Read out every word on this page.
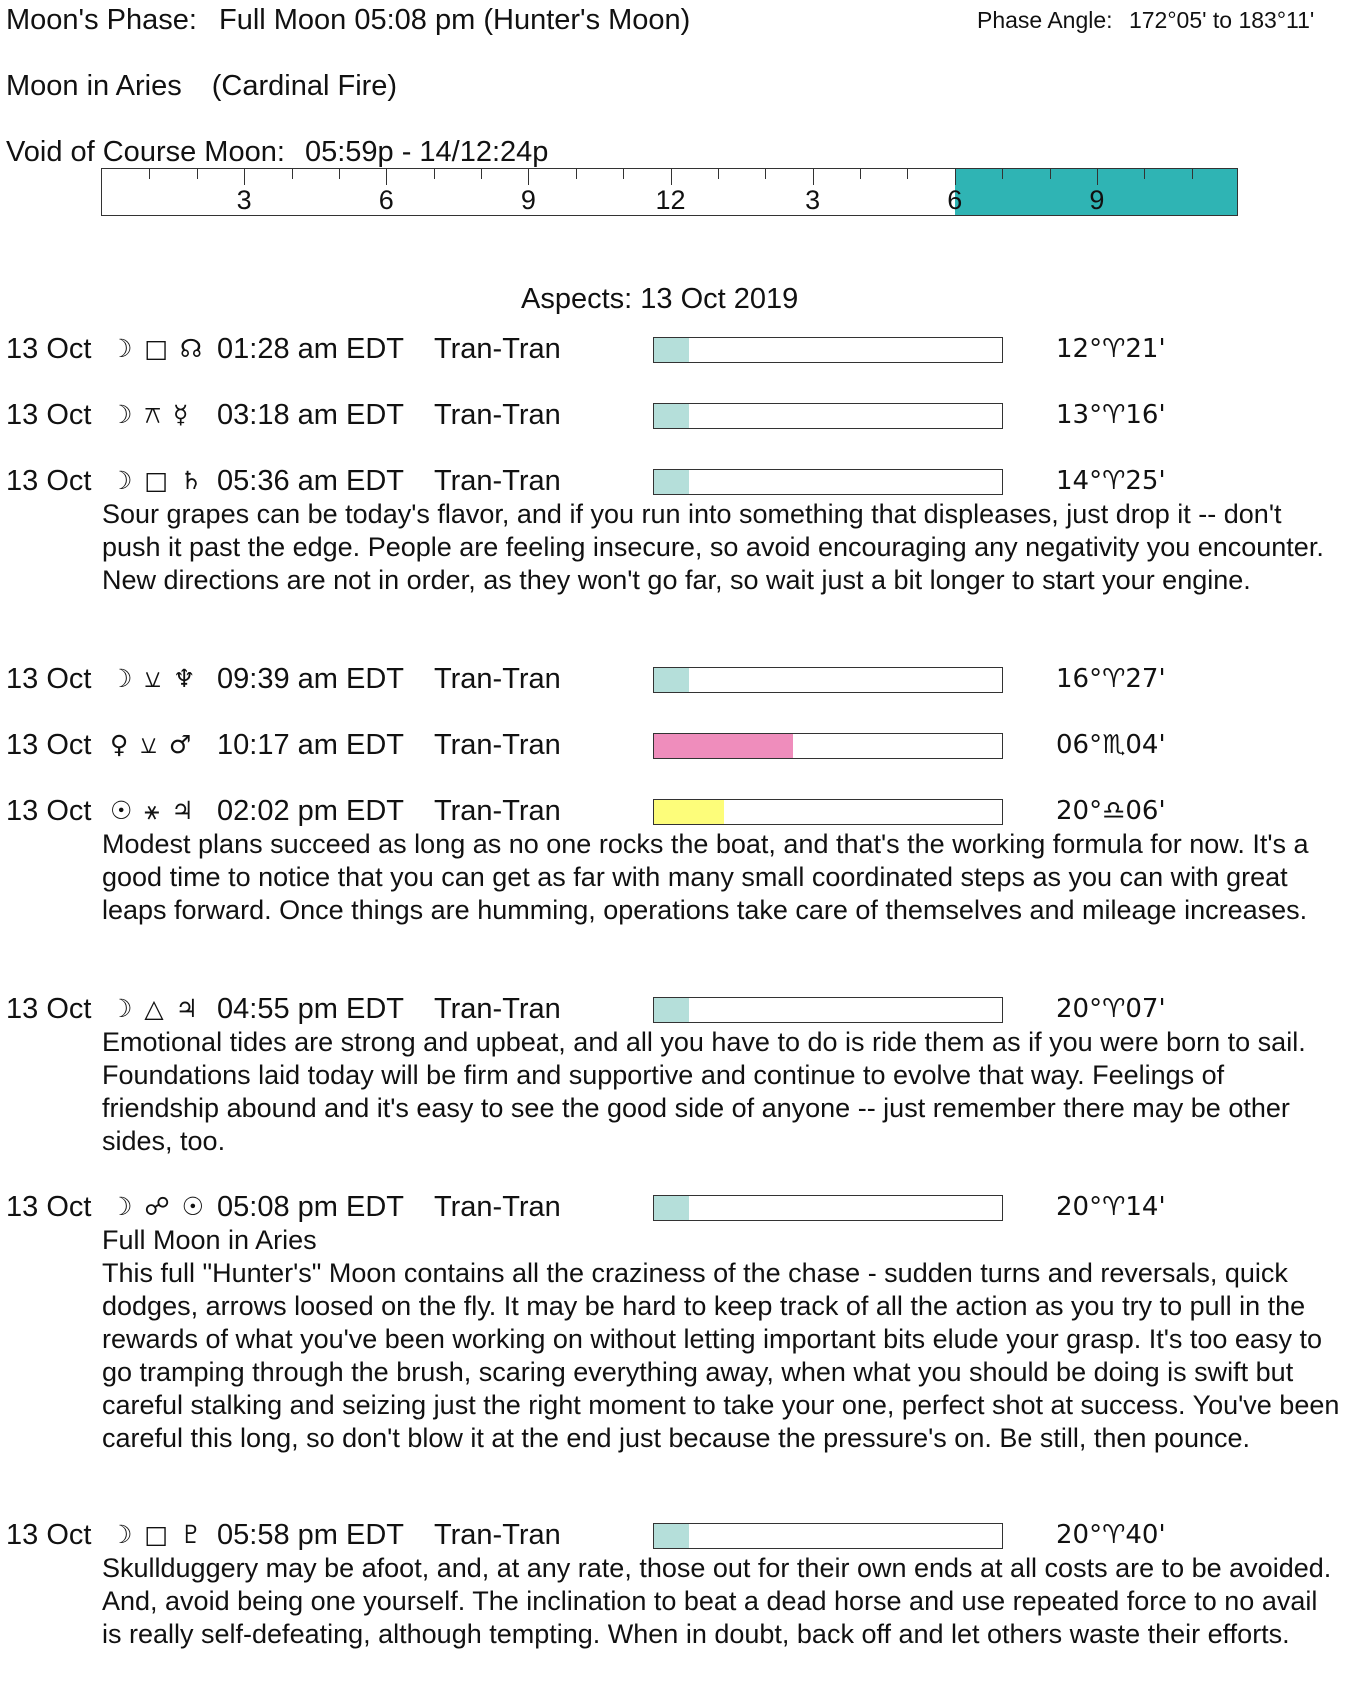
Moon's Phase: Full Moon 05:08 pm (Hunter's Moon)	Phase Angle: 172°05' to 183°11'
Moon in Aries (Cardinal Fire)
Void of Course Moon: 05:59p - 14/12:24p
3	6	9	12	3	6	9
Aspects: 13 Oct 2019
13 Oct ☽ □ ☊ 01:28 am EDT Tran-Tran	12°♈21'
13 Oct ☽ ⚻ ☿ 03:18 am EDT Tran-Tran	13°♈16'
13 Oct ☽ □ ♄ 05:36 am EDT Tran-Tran	14°♈25'

Sour grapes can be today's flavor, and if you run into something that displeases, just drop it -- don't push it past the edge. People are feeling insecure, so avoid encouraging any negativity you encounter. New directions are not in order, as they won't go far, so wait just a bit longer to start your engine.

13 Oct ☽ ⚺ ♆ 09:39 am EDT Tran-Tran	16°♈27'
13 Oct ♀ ⚺ ♂ 10:17 am EDT Tran-Tran	06°♏04'
13 Oct ☉ ⚹ ♃ 02:02 pm EDT Tran-Tran	20°♎06'

Modest plans succeed as long as no one rocks the boat, and that's the working formula for now. It's a good time to notice that you can get as far with many small coordinated steps as you can with great leaps forward. Once things are humming, operations take care of themselves and mileage increases.

13 Oct ☽ △ ♃ 04:55 pm EDT Tran-Tran	20°♈07'

Emotional tides are strong and upbeat, and all you have to do is ride them as if you were born to sail. Foundations laid today will be firm and supportive and continue to evolve that way. Feelings of friendship abound and it's easy to see the good side of anyone -- just remember there may be other sides, too.

13 Oct ☽ ☍ ☉ 05:08 pm EDT Tran-Tran	20°♈14'

Full Moon in Aries

This full "Hunter's" Moon contains all the craziness of the chase - sudden turns and reversals, quick dodges, arrows loosed on the fly. It may be hard to keep track of all the action as you try to pull in the rewards of what you've been working on without letting important bits elude your grasp. It's too easy to go tramping through the brush, scaring everything away, when what you should be doing is swift but careful stalking and seizing just the right moment to take your one, perfect shot at success. You've been careful this long, so don't blow it at the end just because the pressure's on. Be still, then pounce.

13 Oct ☽ □ ♇ 05:58 pm EDT Tran-Tran	20°♈40'

Skullduggery may be afoot, and, at any rate, those out for their own ends at all costs are to be avoided. And, avoid being one yourself. The inclination to beat a dead horse and use repeated force to no avail is really self-defeating, although tempting. When in doubt, back off and let others waste their efforts.
